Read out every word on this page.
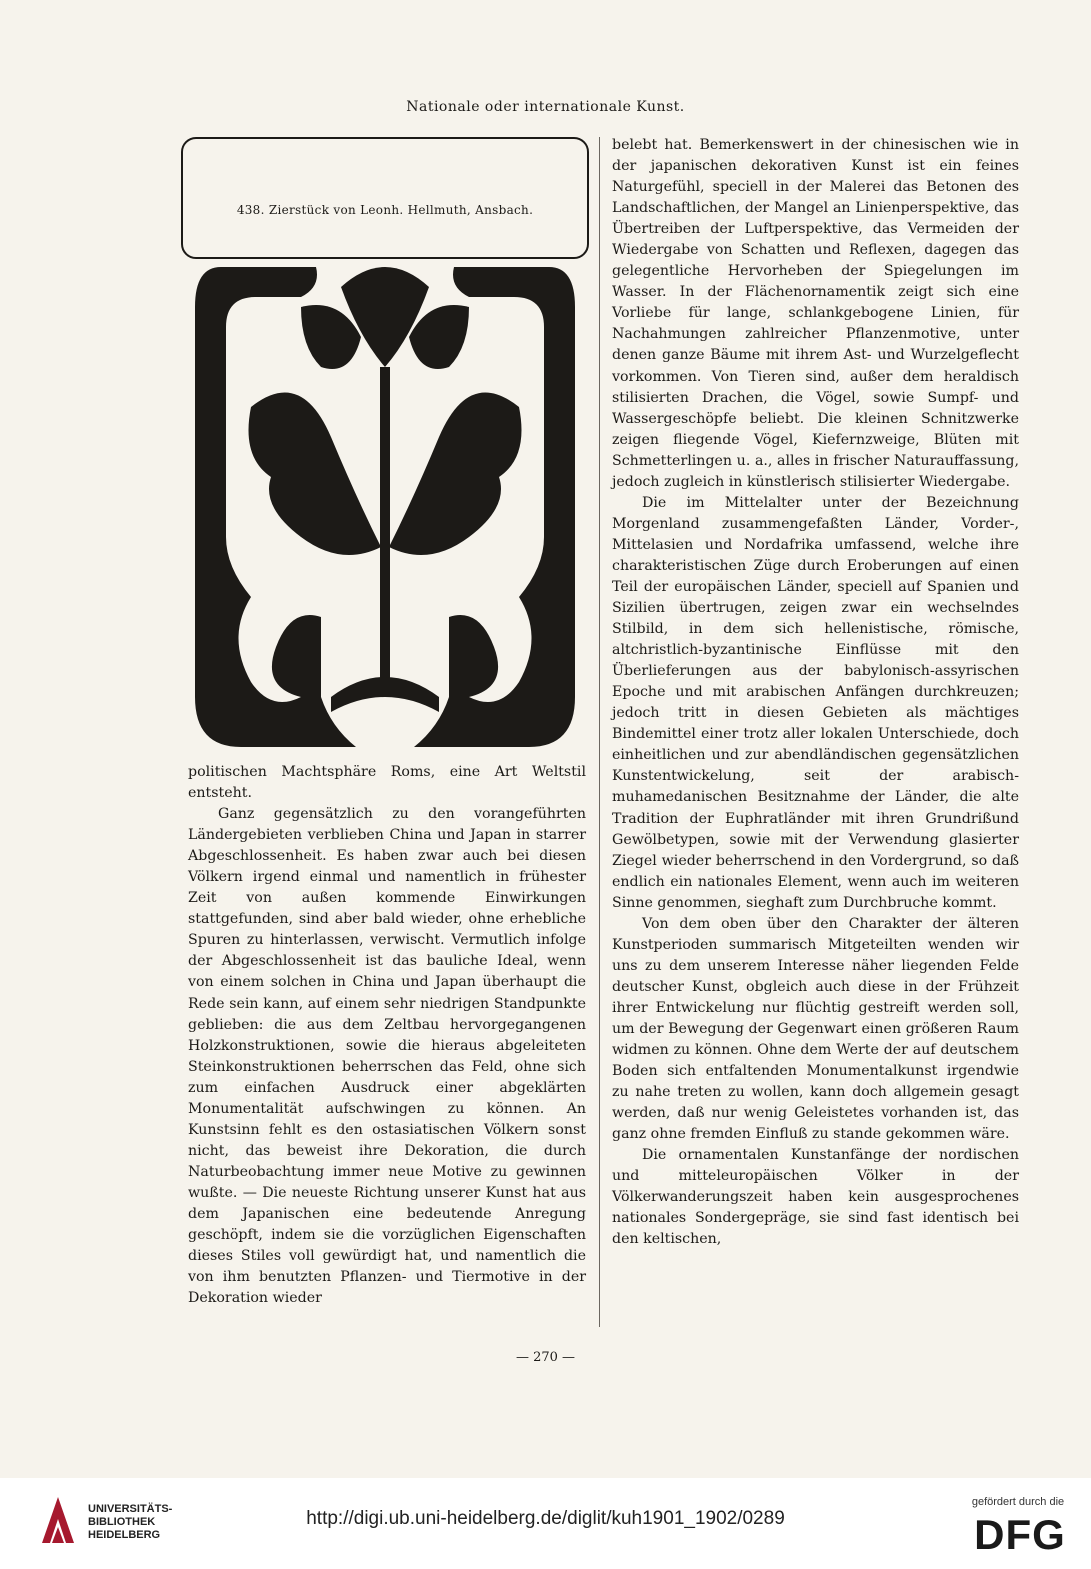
Nationale oder internationale Kunst.
438. Zierstück von Leonh. Hellmuth, Ansbach.

politischen Machtsphäre Roms, eine Art Weltstil entsteht.

Ganz gegensätzlich zu den vorangeführten Ländergebieten verblieben China und Japan in starrer Abgeschlossenheit. Es haben zwar auch bei diesen Völkern irgend einmal und namentlich in frühester Zeit von außen kommende Einwirkungen stattgefunden, sind aber bald wieder, ohne erhebliche Spuren zu hinterlassen, verwischt. Vermutlich infolge der Abgeschlossenheit ist das bauliche Ideal, wenn von einem solchen in China und Japan überhaupt die Rede sein kann, auf einem sehr niedrigen Standpunkte geblieben: die aus dem Zeltbau hervorgegangenen Holzkonstruktionen, sowie die hieraus abgeleiteten Steinkonstruktionen beherrschen das Feld, ohne sich zum einfachen Ausdruck einer abgeklärten Monumentalität aufschwingen zu können. An Kunstsinn fehlt es den ostasiatischen Völkern sonst nicht, das beweist ihre Dekoration, die durch Naturbeobachtung immer neue Motive zu gewinnen wußte. — Die neueste Richtung unserer Kunst hat aus dem Japanischen eine bedeutende Anregung geschöpft, indem sie die vorzüglichen Eigenschaften dieses Stiles voll gewürdigt hat, und namentlich die von ihm benutzten Pflanzen- und Tiermotive in der Dekoration wieder

belebt hat. Bemerkenswert in der chinesischen wie in der japanischen dekorativen Kunst ist ein feines Naturgefühl, speciell in der Malerei das Betonen des Landschaftlichen, der Mangel an Linienperspektive, das Übertreiben der Luftperspektive, das Vermeiden der Wiedergabe von Schatten und Reflexen, dagegen das gelegentliche Hervorheben der Spiegelungen im Wasser. In der Flächenornamentik zeigt sich eine Vorliebe für lange, schlankgebogene Linien, für Nachahmungen zahlreicher Pflanzenmotive, unter denen ganze Bäume mit ihrem Ast- und Wurzelgeflecht vorkommen. Von Tieren sind, außer dem heraldisch stilisierten Drachen, die Vögel, sowie Sumpf- und Wassergeschöpfe beliebt. Die kleinen Schnitzwerke zeigen fliegende Vögel, Kiefernzweige, Blüten mit Schmetterlingen u. a., alles in frischer Naturauffassung, jedoch zugleich in künstlerisch stilisierter Wiedergabe.

Die im Mittelalter unter der Bezeichnung Morgenland zusammengefaßten Länder, Vorder-, Mittelasien und Nordafrika umfassend, welche ihre charakteristischen Züge durch Eroberungen auf einen Teil der europäischen Länder, speciell auf Spanien und Sizilien übertrugen, zeigen zwar ein wechselndes Stilbild, in dem sich hellenistische, römische, altchristlich-byzantinische Einflüsse mit den Überlieferungen aus der babylonisch-assyrischen Epoche und mit arabischen Anfängen durchkreuzen; jedoch tritt in diesen Gebieten als mächtiges Bindemittel einer trotz aller lokalen Unterschiede, doch einheitlichen und zur abendländischen gegensätzlichen Kunstentwickelung, seit der arabisch-muhamedanischen Besitznahme der Länder, die alte Tradition der Euphratländer mit ihren Grundrißund Gewölbetypen, sowie mit der Verwendung glasierter Ziegel wieder beherrschend in den Vordergrund, so daß endlich ein nationales Element, wenn auch im weiteren Sinne genommen, sieghaft zum Durchbruche kommt.

Von dem oben über den Charakter der älteren Kunstperioden summarisch Mitgeteilten wenden wir uns zu dem unserem Interesse näher liegenden Felde deutscher Kunst, obgleich auch diese in der Frühzeit ihrer Entwickelung nur flüchtig gestreift werden soll, um der Bewegung der Gegenwart einen größeren Raum widmen zu können. Ohne dem Werte der auf deutschem Boden sich entfaltenden Monumentalkunst irgendwie zu nahe treten zu wollen, kann doch allgemein gesagt werden, daß nur wenig Geleistetes vorhanden ist, das ganz ohne fremden Einfluß zu stande gekommen wäre.

Die ornamentalen Kunstanfänge der nordischen und mitteleuropäischen Völker in der Völkerwanderungszeit haben kein ausgesprochenes nationales Sondergepräge, sie sind fast identisch bei den keltischen,

— 270 —
UNIVERSITÄTS-
BIBLIOTHEK
HEIDELBERG
http://digi.ub.uni-heidelberg.de/diglit/kuh1901_1902/0289
gefördert durch die
DFG
